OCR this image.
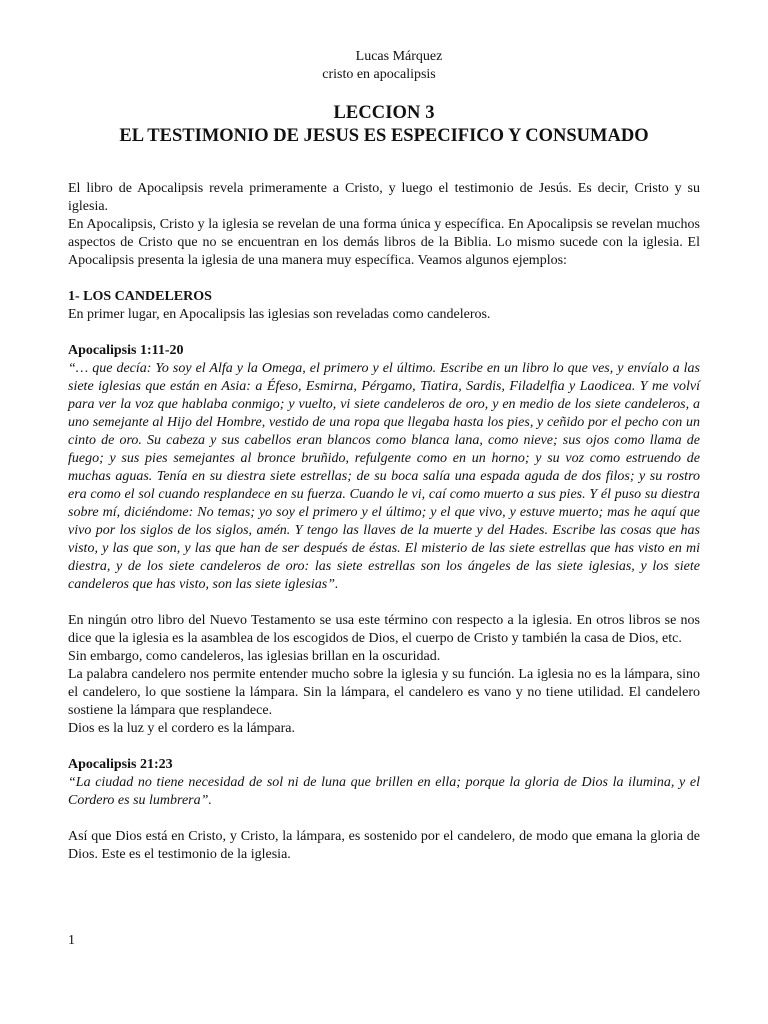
Lucas Márquez
cristo en apocalipsis
LECCION 3
EL TESTIMONIO DE JESUS ES ESPECIFICO Y CONSUMADO

El libro de Apocalipsis revela primeramente a Cristo, y luego el testimonio de Jesús. Es decir, Cristo y su iglesia.

En Apocalipsis, Cristo y la iglesia se revelan de una forma única y específica. En Apocalipsis se revelan muchos aspectos de Cristo que no se encuentran en los demás libros de la Biblia. Lo mismo sucede con la iglesia. El Apocalipsis presenta la iglesia de una manera muy específica. Veamos algunos ejemplos:

1- LOS CANDELEROS

En primer lugar, en Apocalipsis las iglesias son reveladas como candeleros.

Apocalipsis 1:11-20

“… que decía: Yo soy el Alfa y la Omega, el primero y el último. Escribe en un libro lo que ves, y envíalo a las siete iglesias que están en Asia: a Éfeso, Esmirna, Pérgamo, Tiatira, Sardis, Filadelfia y Laodicea. Y me volví para ver la voz que hablaba conmigo; y vuelto, vi siete candeleros de oro, y en medio de los siete candeleros, a uno semejante al Hijo del Hombre, vestido de una ropa que llegaba hasta los pies, y ceñido por el pecho con un cinto de oro. Su cabeza y sus cabellos eran blancos como blanca lana, como nieve; sus ojos como llama de fuego; y sus pies semejantes al bronce bruñido, refulgente como en un horno; y su voz como estruendo de muchas aguas. Tenía en su diestra siete estrellas; de su boca salía una espada aguda de dos filos; y su rostro era como el sol cuando resplandece en su fuerza. Cuando le vi, caí como muerto a sus pies. Y él puso su diestra sobre mí, diciéndome: No temas; yo soy el primero y el último; y el que vivo, y estuve muerto; mas he aquí que vivo por los siglos de los siglos, amén. Y tengo las llaves de la muerte y del Hades. Escribe las cosas que has visto, y las que son, y las que han de ser después de éstas. El misterio de las siete estrellas que has visto en mi diestra, y de los siete candeleros de oro: las siete estrellas son los ángeles de las siete iglesias, y los siete candeleros que has visto, son las siete iglesias”.

En ningún otro libro del Nuevo Testamento se usa este término con respecto a la iglesia. En otros libros se nos dice que la iglesia es la asamblea de los escogidos de Dios, el cuerpo de Cristo y también la casa de Dios, etc.

Sin embargo, como candeleros, las iglesias brillan en la oscuridad.

La palabra candelero nos permite entender mucho sobre la iglesia y su función. La iglesia no es la lámpara, sino el candelero, lo que sostiene la lámpara. Sin la lámpara, el candelero es vano y no tiene utilidad. El candelero sostiene la lámpara que resplandece.

Dios es la luz y el cordero es la lámpara.

Apocalipsis 21:23

“La ciudad no tiene necesidad de sol ni de luna que brillen en ella; porque la gloria de Dios la ilumina, y el Cordero es su lumbrera”.

Así que Dios está en Cristo, y Cristo, la lámpara, es sostenido por el candelero, de modo que emana la gloria de Dios. Este es el testimonio de la iglesia.

1
